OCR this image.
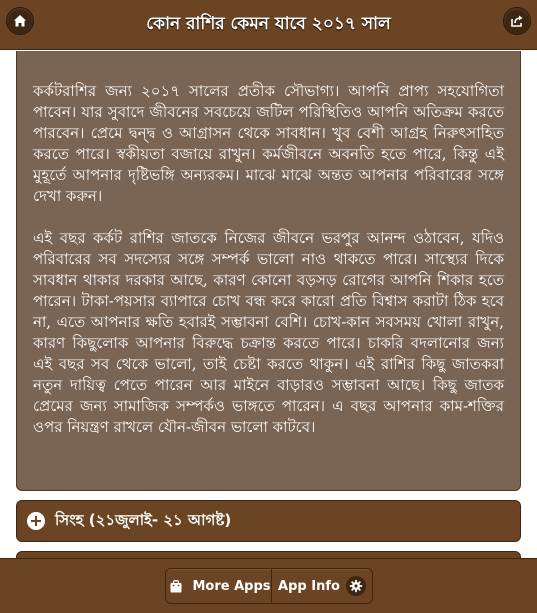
কোন রাশির কেমন যাবে ২০১৭ সাল

কর্কটরাশির জন্য ২০১৭ সালের প্রতীক সৌভাগ্য। আপনি প্রাপ্য সহযোগিতা পাবেন। যার সুবাদে জীবনের সবচেয়ে জটিল পরিস্থিতিও আপনি অতিক্রম করতে পারবেন। প্রেমে দ্বন্দ্ব ও আগ্রাসন থেকে সাবধান। খুব বেশী আগ্রহ নিরুৎসাহিত করতে পারে। স্বকীয়তা বজায়ে রাখুন। কর্মজীবনে অবনতি হতে পারে, কিন্তু এই মুহূর্তে আপনার দৃষ্টিভঙ্গি অন্যরকম। মাঝে মাঝে অন্তত আপনার পরিবারের সঙ্গে দেখা করুন।

এই বছর কর্কট রাশির জাতকে নিজের জীবনে ভরপুর আনন্দ ওঠাবেন, যদিও পরিবারের সব সদস্যের সঙ্গে সম্পর্ক ভালো নাও থাকতে পারে। সাস্থ্যের দিকে সাবধান থাকার দরকার আছে, কারণ কোনো বড়সড় রোগের আপনি শিকার হতে পারেন। টাকা-পয়সার ব্যাপারে চোখ বন্ধ করে কারো প্রতি বিশ্বাস করাটা ঠিক হবে না, এতে আপনার ক্ষতি হবারই সম্ভাবনা বেশি। চোখ-কান সবসময় খোলা রাখুন, কারণ কিছুলোক আপনার বিরুদ্ধে চক্রান্ত করতে পারে। চাকরি বদলানোর জন্য এই বছর সব থেকে ভালো, তাই চেষ্টা করতে থাকুন। এই রাশির কিছু জাতকরা নতুন দায়িত্ব পেতে পারেন আর মাইনে বাড়ারও সম্ভাবনা আছে। কিছু জাতক প্রেমের জন্য সামাজিক সম্পর্কও ভাঙ্গতে পারেন। এ বছর আপনার কাম-শক্তির ওপর নিয়ন্ত্রণ রাখলে যৌন-জীবন ভালো কাটবে।

সিংহ (২১জুলাই- ২১ আগষ্ট)
More Apps App Info
